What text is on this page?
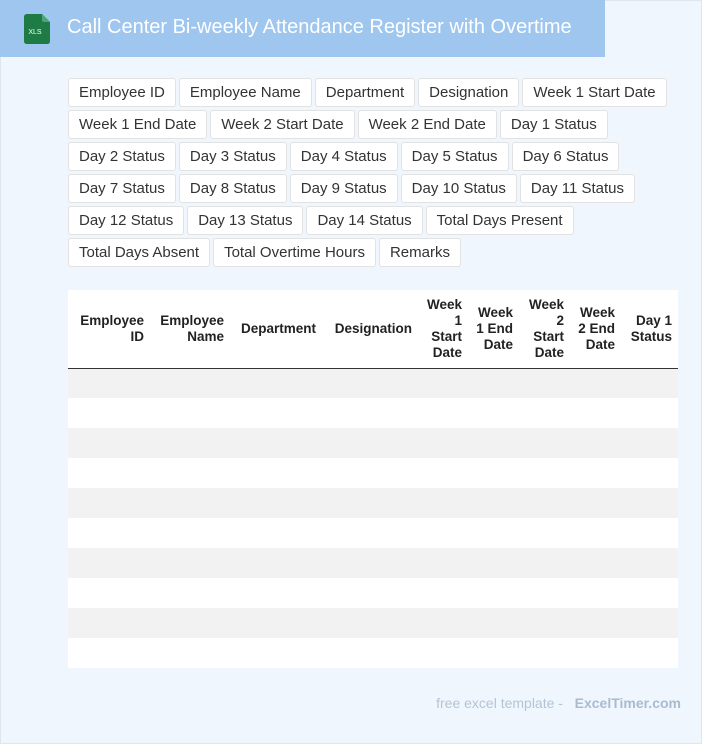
XLS Call Center Bi-weekly Attendance Register with Overtime
Employee ID	Employee Name	Department	Designation	Week 1 Start Date
Week 1 End Date	Week 2 Start Date	Week 2 End Date	Day 1 Status
Day 2 Status	Day 3 Status	Day 4 Status	Day 5 Status	Day 6 Status
Day 7 Status	Day 8 Status	Day 9 Status	Day 10 Status	Day 11 Status
Day 12 Status	Day 13 Status	Day 14 Status	Total Days Present
Total Days Absent	Total Overtime Hours	Remarks
Employee ID	Employee Name	Department	Designation	Week 1 Start Date	Week 1 End Date	Week 2 Start Date	Week 2 End Date	Day 1 Status

free excel template - ExcelTimer.com
